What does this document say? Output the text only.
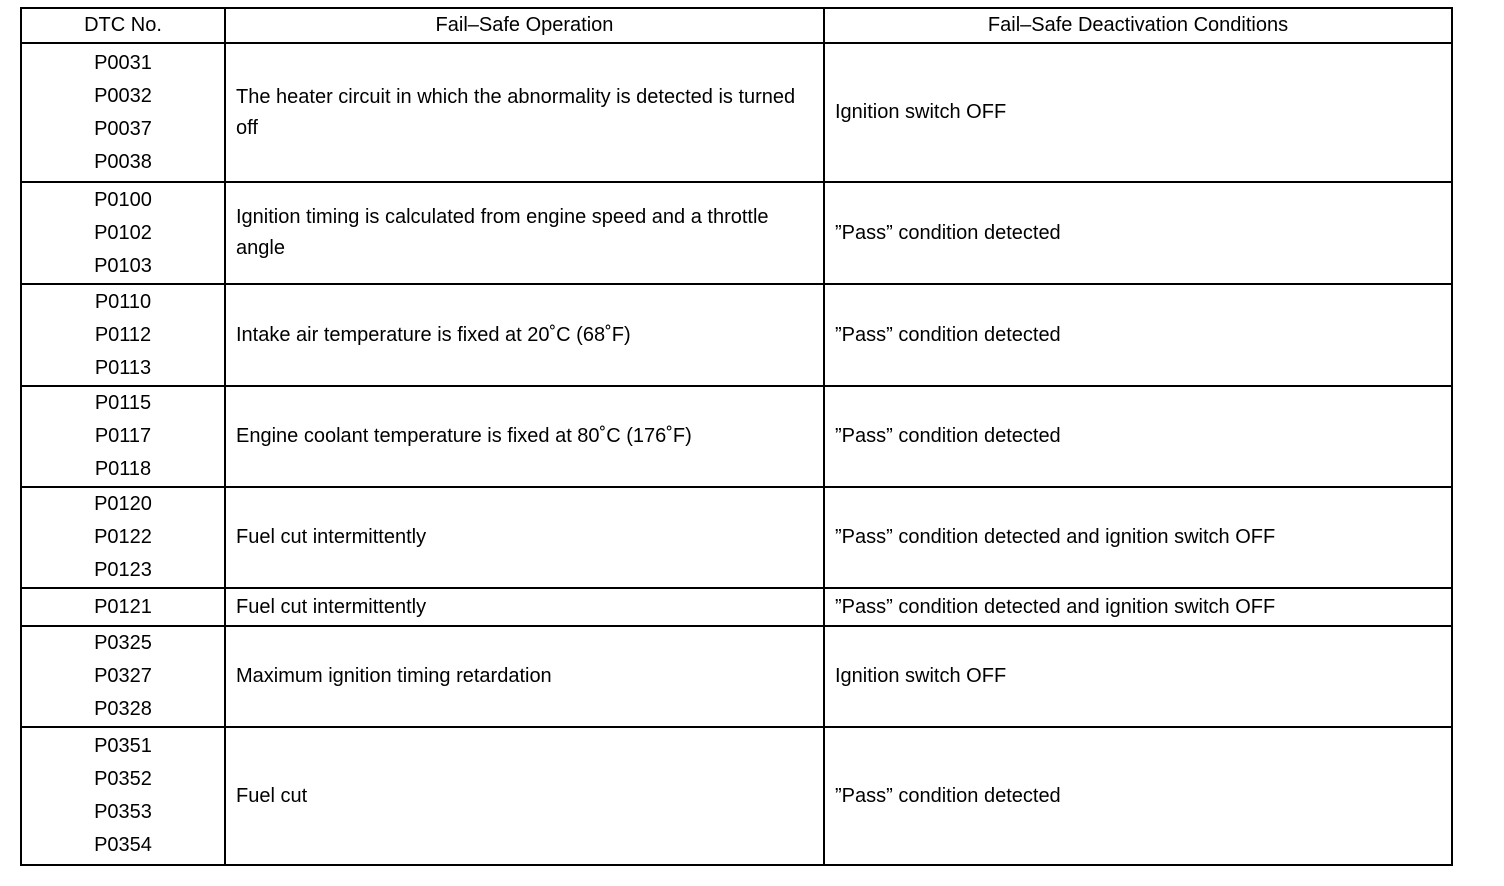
DTC No.	Fail–Safe Operation	Fail–Safe Deactivation Conditions

P0031
P0032
P0037
P0038	The heater circuit in which the abnormality is detected is turned off	Ignition switch OFF

P0100
P0102
P0103	Ignition timing is calculated from engine speed and a throttle angle	”Pass” condition detected

P0110
P0112
P0113	Intake air temperature is fixed at 20˚C (68˚F)	”Pass” condition detected

P0115
P0117
P0118	Engine coolant temperature is fixed at 80˚C (176˚F)	”Pass” condition detected

P0120
P0122
P0123	Fuel cut intermittently	”Pass” condition detected and ignition switch OFF

P0121	Fuel cut intermittently	”Pass” condition detected and ignition switch OFF

P0325
P0327
P0328	Maximum ignition timing retardation	Ignition switch OFF

P0351
P0352
P0353
P0354	Fuel cut	”Pass” condition detected
